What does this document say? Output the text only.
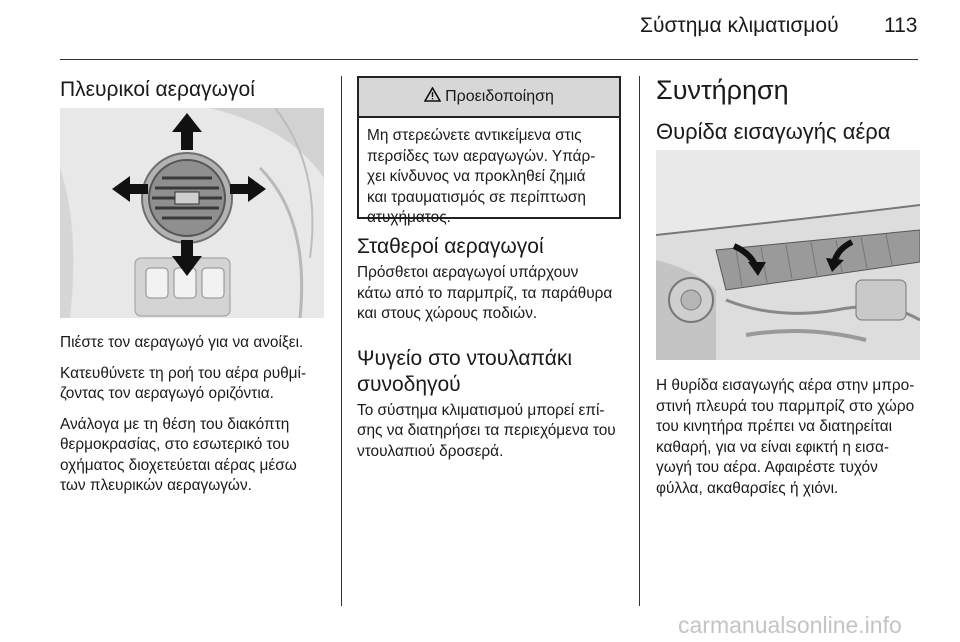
Σύστημα κλιματισμού 113
Πλευρικοί αεραγωγοί

Πιέστε τον αεραγωγό για να ανοίξει.

Κατευθύνετε τη ροή του αέρα ρυθμί-
ζοντας τον αεραγωγό οριζόντια.

Ανάλογα με τη θέση του διακόπτη
θερμοκρασίας, στο εσωτερικό του
οχήματος διοχετεύεται αέρας μέσω
των πλευρικών αεραγωγών.

Προειδοποίηση
Μη στερεώνετε αντικείμενα στις
περσίδες των αεραγωγών. Υπάρ-
χει κίνδυνος να προκληθεί ζημιά
και τραυματισμός σε περίπτωση
ατυχήματος.
Σταθεροί αεραγωγοί

Πρόσθετοι αεραγωγοί υπάρχουν
κάτω από το παρμπρίζ, τα παράθυρα
και στους χώρους ποδιών.

Ψυγείο στο ντουλαπάκι
συνοδηγού

Το σύστημα κλιματισμού μπορεί επί-
σης να διατηρήσει τα περιεχόμενα του
ντουλαπιού δροσερά.

Συντήρηση
Θυρίδα εισαγωγής αέρα

Η θυρίδα εισαγωγής αέρα στην μπρο-
στινή πλευρά του παρμπρίζ στο χώρο
του κινητήρα πρέπει να διατηρείται
καθαρή, για να είναι εφικτή η εισα-
γωγή του αέρα. Αφαιρέστε τυχόν
φύλλα, ακαθαρσίες ή χιόνι.

carmanualsonline.info
